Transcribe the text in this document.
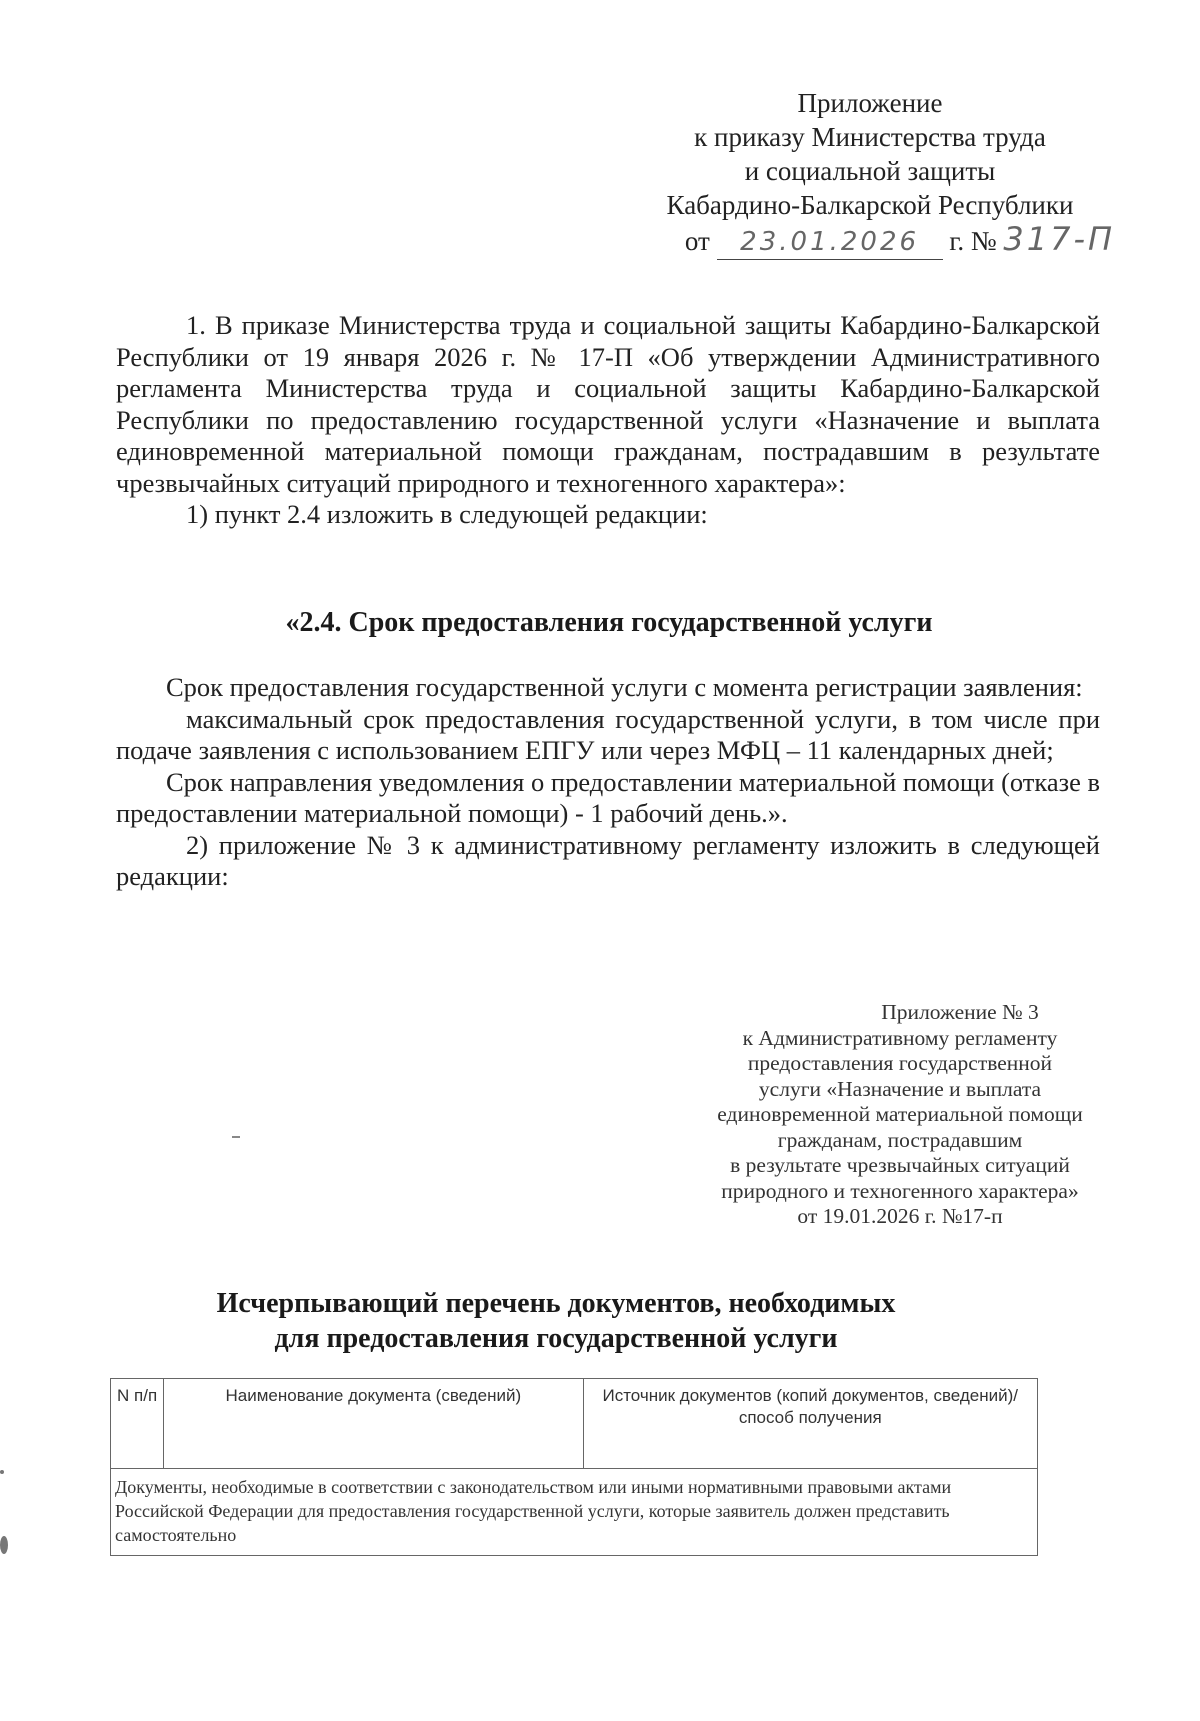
Приложение
к приказу Министерства труда
и социальной защиты
Кабардино-Балкарской Республики
от 23.01.2026 г. № 317-П

1. В приказе Министерства труда и социальной защиты Кабардино-Балкарской Республики от 19 января 2026 г. № 17-П «Об утверждении Административного регламента Министерства труда и социальной защиты Кабардино-Балкарской Республики по предоставлению государственной услуги «Назначение и выплата единовременной материальной помощи гражданам, пострадавшим в результате чрезвычайных ситуаций природного и техногенного характера»:

1) пункт 2.4 изложить в следующей редакции:

«2.4. Срок предоставления государственной услуги

Срок предоставления государственной услуги с момента регистрации заявления:

максимальный срок предоставления государственной услуги, в том числе при подаче заявления с использованием ЕПГУ или через МФЦ – 11 календарных дней;

Срок направления уведомления о предоставлении материальной помощи (отказе в предоставлении материальной помощи) - 1 рабочий день.».

2) приложение № 3 к административному регламенту изложить в следующей редакции:

Приложение № 3
к Административному регламенту
предоставления государственной
услуги «Назначение и выплата
единовременной материальной помощи
гражданам, пострадавшим
в результате чрезвычайных ситуаций
природного и техногенного характера»
от 19.01.2026 г. №17-п
Исчерпывающий перечень документов, необходимых
для предоставления государственной услуги
N п/п	Наименование документа (сведений)	Источник документов (копий документов, сведений)/ способ получения
Документы, необходимые в соответствии с законодательством или иными нормативными правовыми актами Российской Федерации для предоставления государственной услуги, которые заявитель должен представить самостоятельно
